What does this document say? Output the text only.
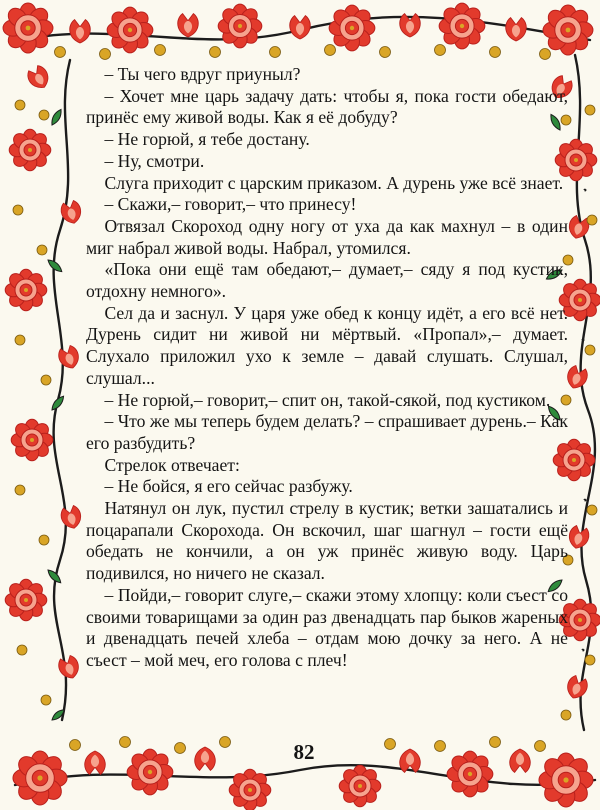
– Ты чего вдруг приуныл?

– Хочет мне царь задачу дать: чтобы я, пока гости обедают, принёс ему живой воды. Как я её добуду?

– Не горюй, я тебе достану.

– Ну, смотри.

Слуга приходит с царским приказом. А дурень уже всё знает.

– Скажи,– говорит,– что принесу!

Отвязал Скороход одну ногу от уха да как махнул – в один миг набрал живой воды. Набрал, утомился.

«Пока они ещё там обедают,– думает,– сяду я под кустик, отдохну немного».

Сел да и заснул. У царя уже обед к концу идёт, а его всё нет. Дурень сидит ни живой ни мёртвый. «Пропал»,– думает. Слухало приложил ухо к земле – давай слушать. Слушал, слушал...

– Не горюй,– говорит,– спит он, такой-сякой, под кустиком.

– Что же мы теперь будем делать? – спрашивает дурень.– Как его разбудить?

Стрелок отвечает:

– Не бойся, я его сейчас разбужу.

Натянул он лук, пустил стрелу в кустик; ветки зашатались и поцарапали Скорохода. Он вскочил, шаг шагнул – гости ещё обедать не кончили, а он уж принёс живую воду. Царь подивился, но ничего не сказал.

– Пойди,– говорит слуге,– скажи этому хлопцу: коли съест со своими товарищами за один раз двенадцать пар быков жареных и двенадцать печей хлеба – отдам мою дочку за него. А не съест – мой меч, его голова с плеч!

82
